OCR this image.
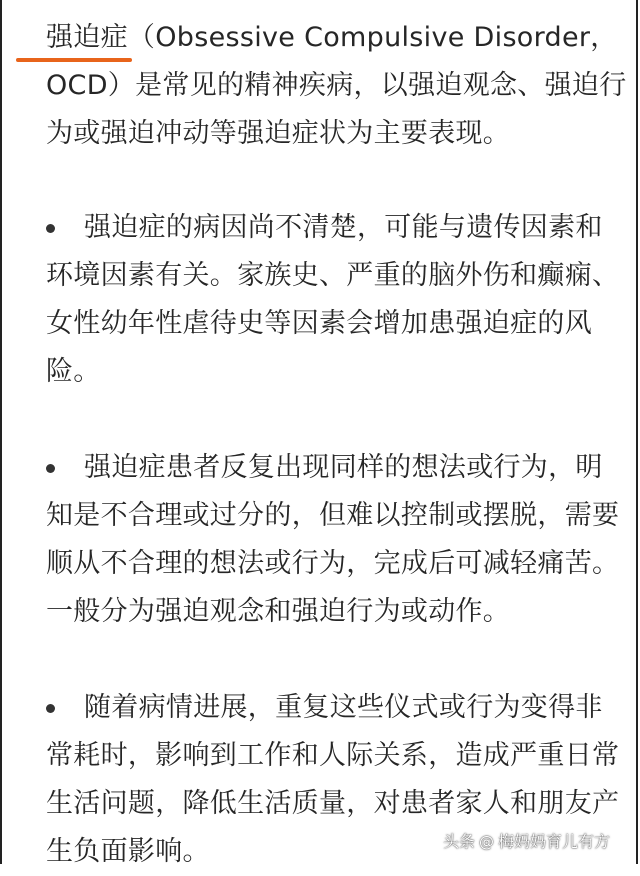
强迫症
（Obsessive Compulsive Disorder，OCD）是常见的精神疾病，以强迫观念、强迫行为或强迫冲动等强迫症状为主要表现。

强迫症的病因尚不清楚，可能与遗传因素和环境因素有关。家族史、严重的脑外伤和癫痫、女性幼年性虐待史等因素会增加患强迫症的风险。

强迫症患者反复出现同样的想法或行为，明知是不合理或过分的，但难以控制或摆脱，需要顺从不合理的想法或行为，完成后可减轻痛苦。一般分为强迫观念和强迫行为或动作。

随着病情进展，重复这些仪式或行为变得非常耗时，影响到工作和人际关系，造成严重日常生活问题，降低生活质量，对患者家人和朋友产生负面影响。	头条 @ 梅妈妈育儿有方
